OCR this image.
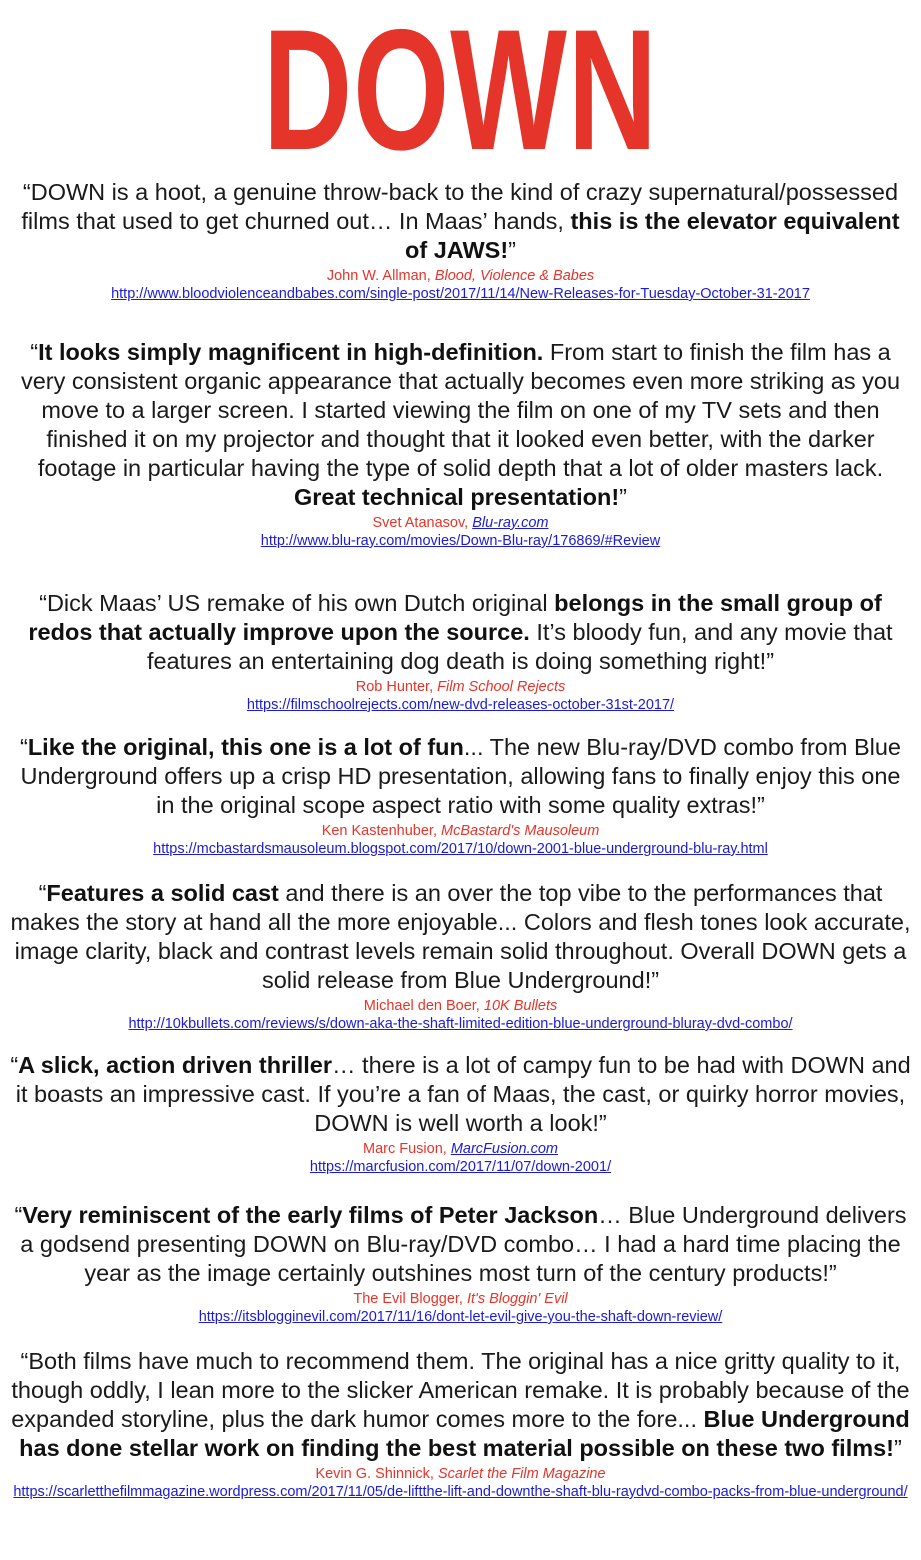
DOWN
“DOWN is a hoot, a genuine throw-back to the kind of crazy supernatural/possessed films that used to get churned out… In Maas’ hands, this is the elevator equivalent of JAWS!”
John W. Allman, Blood, Violence & Babes
http://www.bloodviolenceandbabes.com/single-post/2017/11/14/New-Releases-for-Tuesday-October-31-2017
“It looks simply magnificent in high-definition. From start to finish the film has a very consistent organic appearance that actually becomes even more striking as you move to a larger screen. I started viewing the film on one of my TV sets and then finished it on my projector and thought that it looked even better, with the darker footage in particular having the type of solid depth that a lot of older masters lack. Great technical presentation!”
Svet Atanasov, Blu-ray.com
http://www.blu-ray.com/movies/Down-Blu-ray/176869/#Review
“Dick Maas’ US remake of his own Dutch original belongs in the small group of redos that actually improve upon the source. It’s bloody fun, and any movie that features an entertaining dog death is doing something right!”
Rob Hunter, Film School Rejects
https://filmschoolrejects.com/new-dvd-releases-october-31st-2017/
“Like the original, this one is a lot of fun... The new Blu-ray/DVD combo from Blue Underground offers up a crisp HD presentation, allowing fans to finally enjoy this one in the original scope aspect ratio with some quality extras!”
Ken Kastenhuber, McBastard's Mausoleum
https://mcbastardsmausoleum.blogspot.com/2017/10/down-2001-blue-underground-blu-ray.html
“Features a solid cast and there is an over the top vibe to the performances that makes the story at hand all the more enjoyable... Colors and flesh tones look accurate, image clarity, black and contrast levels remain solid throughout. Overall DOWN gets a solid release from Blue Underground!”
Michael den Boer, 10K Bullets
http://10kbullets.com/reviews/s/down-aka-the-shaft-limited-edition-blue-underground-bluray-dvd-combo/
“A slick, action driven thriller… there is a lot of campy fun to be had with DOWN and it boasts an impressive cast. If you’re a fan of Maas, the cast, or quirky horror movies, DOWN is well worth a look!”
Marc Fusion, MarcFusion.com
https://marcfusion.com/2017/11/07/down-2001/
“Very reminiscent of the early films of Peter Jackson… Blue Underground delivers a godsend presenting DOWN on Blu-ray/DVD combo… I had a hard time placing the year as the image certainly outshines most turn of the century products!”
The Evil Blogger, It's Bloggin' Evil
https://itsblogginevil.com/2017/11/16/dont-let-evil-give-you-the-shaft-down-review/
“Both films have much to recommend them. The original has a nice gritty quality to it, though oddly, I lean more to the slicker American remake. It is probably because of the expanded storyline, plus the dark humor comes more to the fore... Blue Underground has done stellar work on finding the best material possible on these two films!”
Kevin G. Shinnick, Scarlet the Film Magazine
https://scarletthefilmmagazine.wordpress.com/2017/11/05/de-liftthe-lift-and-downthe-shaft-blu-raydvd-combo-packs-from-blue-underground/
